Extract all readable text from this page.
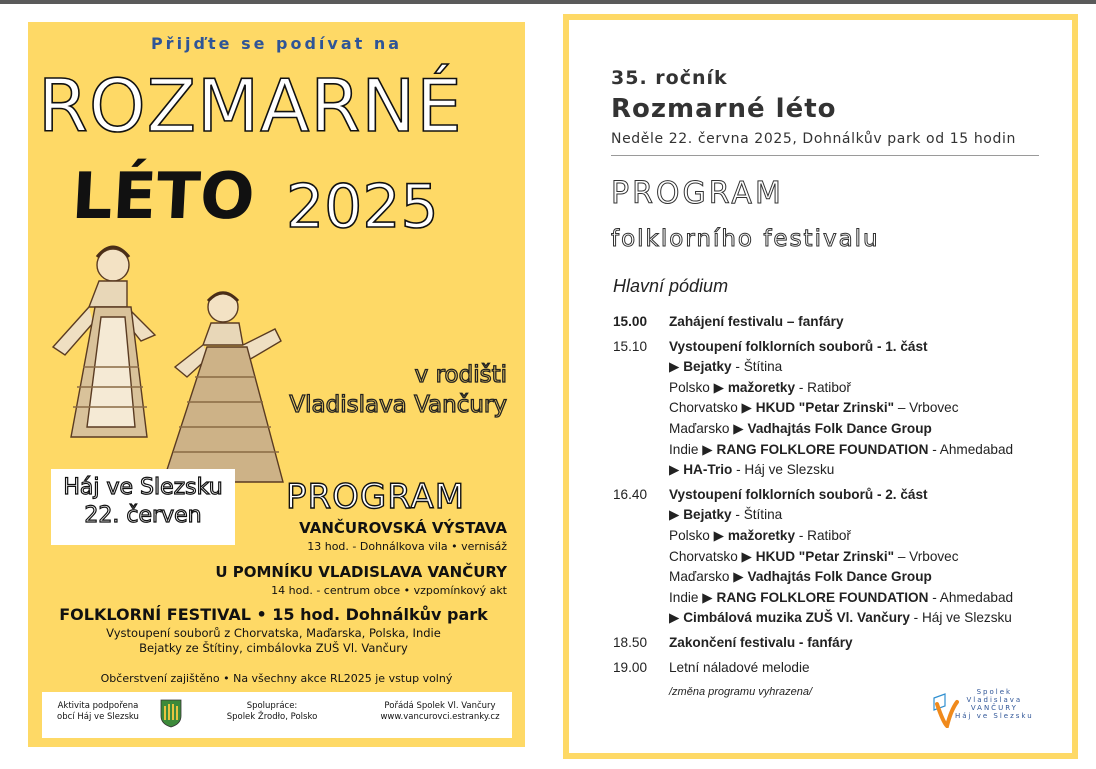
Přijďte se podívat na
ROZMARNÉ
LÉTO 2025
v rodišti
Vladislava Vančury
Háj ve Slezsku
22. červen	PROGRAM
VANČUROVSKÁ VÝSTAVA
13 hod. - Dohnálkova vila • vernisáž
U POMNÍKU VLADISLAVA VANČURY
14 hod. - centrum obce • vzpomínkový akt
FOLKLORNÍ FESTIVAL • 15 hod. Dohnálkův park
Vystoupení souborů z Chorvatska, Maďarska, Polska, Indie
Bejatky ze Štítiny, cimbálovka ZUŠ Vl. Vančury
Občerstvení zajištěno • Na všechny akce RL2025 je vstup volný
Aktivita podpořena
obcí Háj ve Slezsku
Spolupráce:
Spolek Žrodło, Polsko
Pořádá Spolek Vl. Vančury
www.vancurovci.estranky.cz
35. ročník
Rozmarné léto
Neděle 22. června 2025, Dohnálkův park od 15 hodin
PROGRAM
folklorního festivalu
Hlavní pódium
15.00	Zahájení festivalu – fanfáry
15.10	Vystoupení folklorních souborů - 1. část
▶ Bejatky - Štítina
Polsko ▶ mažoretky - Ratiboř
Chorvatsko ▶ HKUD "Petar Zrinski" – Vrbovec
Maďarsko ▶ Vadhajtás Folk Dance Group
Indie ▶ RANG FOLKLORE FOUNDATION - Ahmedabad
▶ HA-Trio - Háj ve Slezsku
16.40	Vystoupení folklorních souborů - 2. část
▶ Bejatky - Štítina
Polsko ▶ mažoretky - Ratiboř
Chorvatsko ▶ HKUD "Petar Zrinski" – Vrbovec
Maďarsko ▶ Vadhajtás Folk Dance Group
Indie ▶ RANG FOLKLORE FOUNDATION - Ahmedabad
▶ Cimbálová muzika ZUŠ Vl. Vančury - Háj ve Slezsku
18.50	Zakončení festivalu - fanfáry
19.00	Letní náladové melodie
/změna programu vyhrazena/	Spolek
Vladislava
VANČURY
Háj ve Slezsku
